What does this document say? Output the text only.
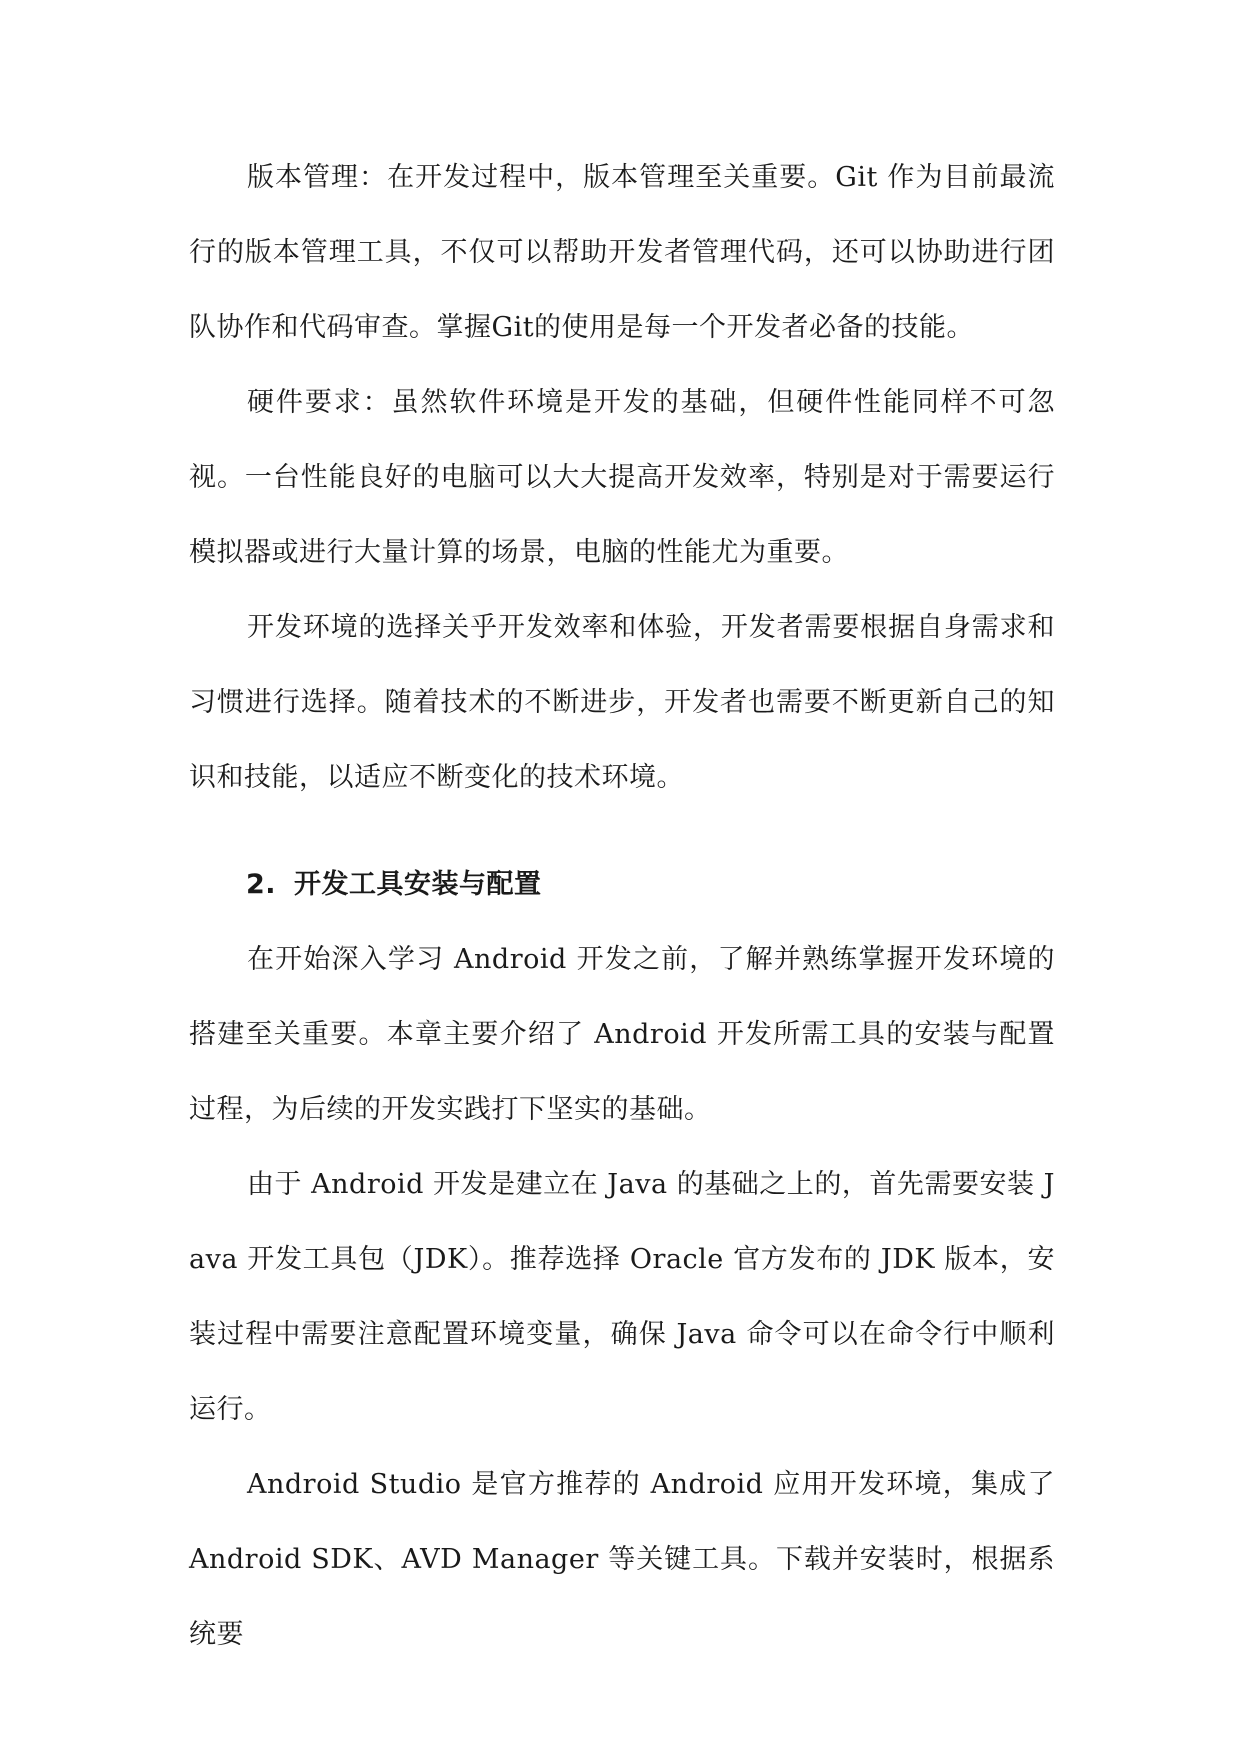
版本管理：在开发过程中，版本管理至关重要。Git 作为目前最流行的版本管理工具，不仅可以帮助开发者管理代码，还可以协助进行团队协作和代码审查。掌握Git的使用是每一个开发者必备的技能。

硬件要求：虽然软件环境是开发的基础，但硬件性能同样不可忽视。一台性能良好的电脑可以大大提高开发效率，特别是对于需要运行模拟器或进行大量计算的场景，电脑的性能尤为重要。

开发环境的选择关乎开发效率和体验，开发者需要根据自身需求和习惯进行选择。随着技术的不断进步，开发者也需要不断更新自己的知识和技能，以适应不断变化的技术环境。

2. 开发工具安装与配置

在开始深入学习 Android 开发之前，了解并熟练掌握开发环境的搭建至关重要。本章主要介绍了 Android 开发所需工具的安装与配置过程，为后续的开发实践打下坚实的基础。

由于 Android 开发是建立在 Java 的基础之上的，首先需要安装 Java 开发工具包（JDK）。推荐选择 Oracle 官方发布的 JDK 版本，安装过程中需要注意配置环境变量，确保 Java 命令可以在命令行中顺利运行。

Android Studio 是官方推荐的 Android 应用开发环境，集成了 Android SDK、AVD Manager 等关键工具。下载并安装时，根据系统要
